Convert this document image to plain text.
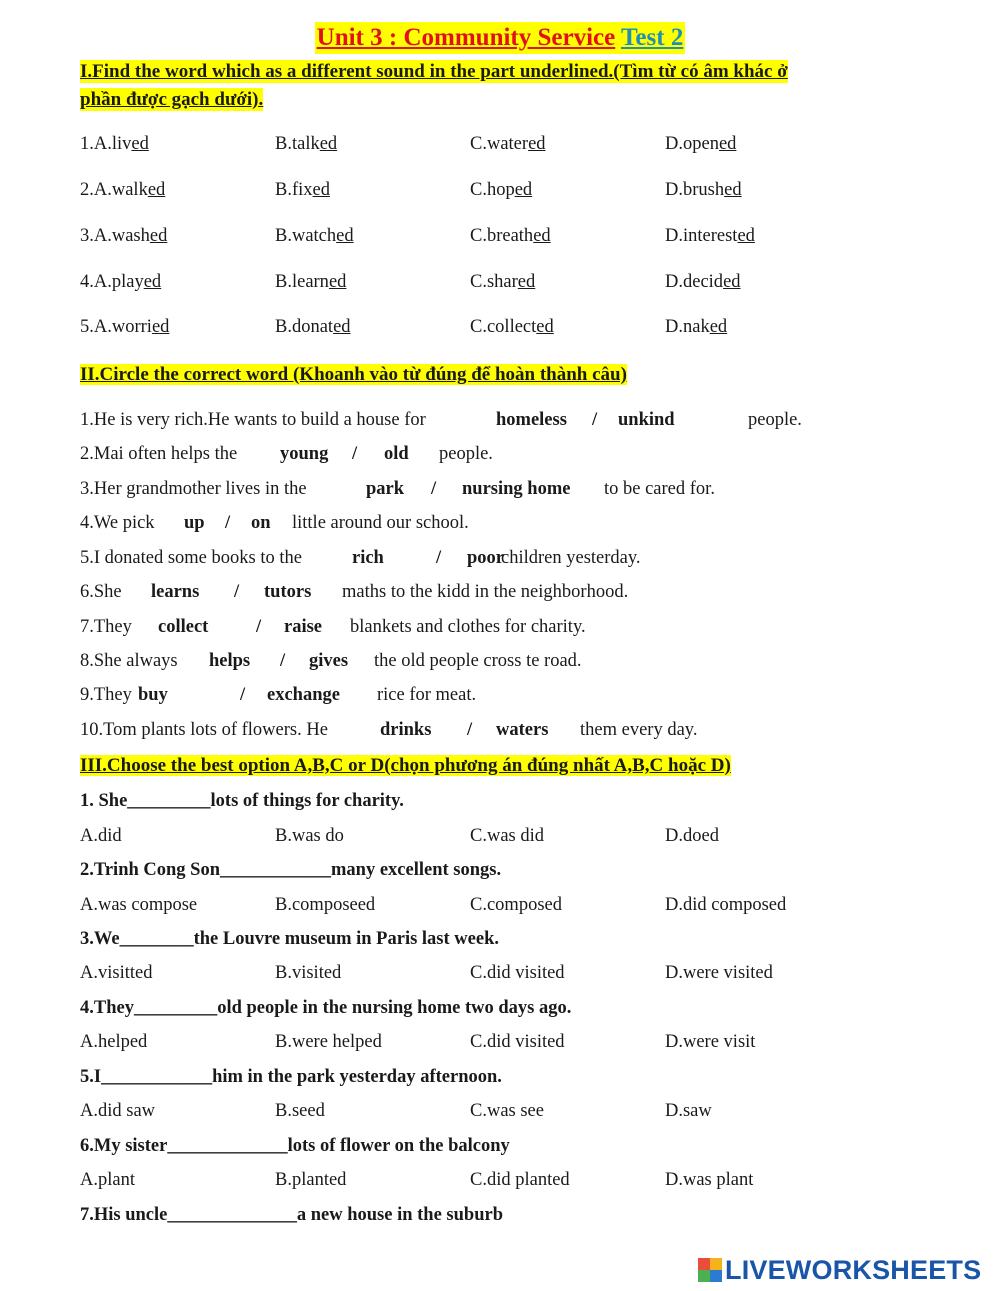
Unit 3 : Community Service Test 2
I.Find the word which as a different sound in the part underlined.(Tìm từ có âm khác ở
phần được gạch dưới).
1.A.lived	B.talked	C.watered	D.opened
2.A.walked	B.fixed	C.hoped	D.brushed
3.A.washed	B.watched	C.breathed	D.interested
4.A.played	B.learned	C.shared	D.decided
5.A.worried	B.donated	C.collected	D.naked
II.Circle the correct word (Khoanh vào từ đúng để hoàn thành câu)
1.He is very rich.He wants to build a house for	homeless / unkind	people.
2.Mai often helps the young / old people.
3.Her grandmother lives in the	park / nursing home to be cared for.
4.We pick up / on little around our school.
5.I donated some books to the	rich	/ poor
children yesterday.
6.She learns / tutors maths to the kidd in the neighborhood.
7.They collect	/ raise blankets and clothes for charity.
8.She always helps / gives the old people cross te road.
9.They buy	/ exchange rice for meat.
10.Tom plants lots of flowers. He	drinks / waters them every day.
III.Choose the best option A,B,C or D(chọn phương án đúng nhất A,B,C hoặc D)
1. She_________lots of things for charity.
A.did	B.was do	C.was did	D.doed
2.Trinh Cong Son____________many excellent songs.
A.was compose	B.composeed	C.composed	D.did composed
3.We________the Louvre museum in Paris last week.
A.visitted	B.visited	C.did visited	D.were visited
4.They_________old people in the nursing home two days ago.
A.helped	B.were helped	C.did visited	D.were visit
5.I____________him in the park yesterday afternoon.
A.did saw	B.seed	C.was see	D.saw
6.My sister_____________lots of flower on the balcony
A.plant	B.planted	C.did planted	D.was plant
7.His uncle______________a new house in the suburb
LIVEWORKSHEETS
